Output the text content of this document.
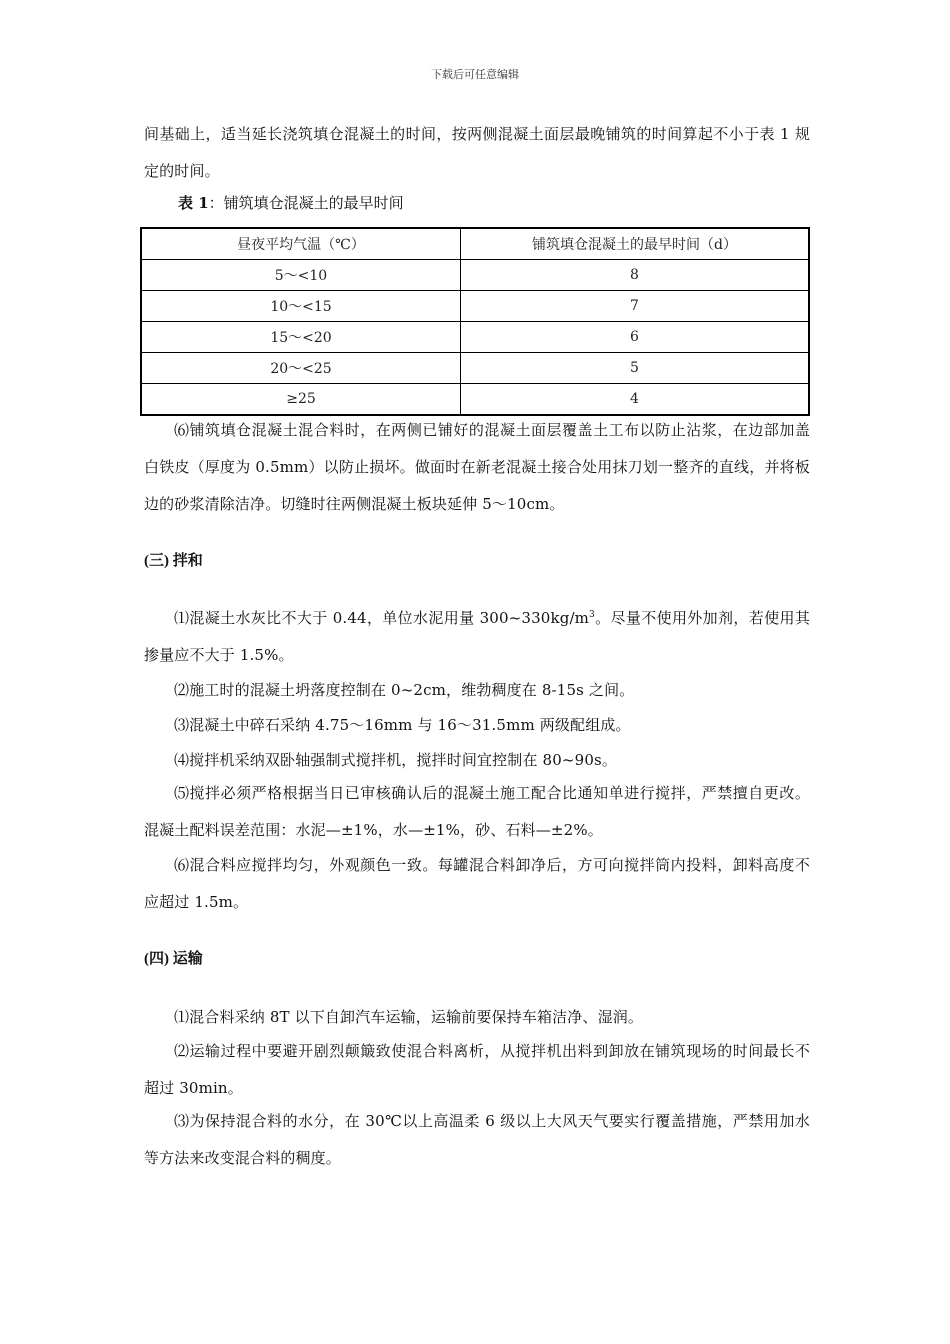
下载后可任意编辑
间基础上，适当延长浇筑填仓混凝土的时间，按两侧混凝土面层最晚铺筑的时间算起不小于表 1 规定的时间。
表 1：铺筑填仓混凝土的最早时间
⑹铺筑填仓混凝土混合料时，在两侧已铺好的混凝土面层覆盖土工布以防止沾浆，在边部加盖白铁皮（厚度为 0.5mm）以防止损坏。做面时在新老混凝土接合处用抹刀划一整齐的直线，并将板边的砂浆清除洁净。切缝时往两侧混凝土板块延伸 5～10cm。
(三) 拌和
⑴混凝土水灰比不大于 0.44，单位水泥用量 $300\sim 330kg/m^3$。尽量不使用外加剂，若使用其掺量应不大于 1.5%。
⑵施工时的混凝土坍落度控制在 0~2cm，维勃稠度在 8-15s 之间。
⑶混凝土中碎石采纳 4.75～16mm 与 16～31.5mm 两级配组成。
⑷搅拌机采纳双卧轴强制式搅拌机，搅拌时间宜控制在 80~90s。
⑸搅拌必须严格根据当日已审核确认后的混凝土施工配合比通知单进行搅拌，严禁擅自更改。混凝土配料误差范围：水泥—±1%，水—±1%，砂、石料—±2%。
⑹混合料应搅拌均匀，外观颜色一致。每罐混合料卸净后，方可向搅拌筒内投料，卸料高度不应超过 1.5m。
(四) 运输
⑴混合料采纳 8T 以下自卸汽车运输，运输前要保持车箱洁净、湿润。
⑵运输过程中要避开剧烈颠簸致使混合料离析，从搅拌机出料到卸放在铺筑现场的时间最长不超过 30min。
⑶为保持混合料的水分，在 30℃以上高温柔 6 级以上大风天气要实行覆盖措施，严禁用加水等方法来改变混合料的稠度。
昼夜平均气温（℃）	铺筑填仓混凝土的最早时间（d）
5～<10	8
10～<15	7
15～<20	6
20～<25	5
≥25	4
